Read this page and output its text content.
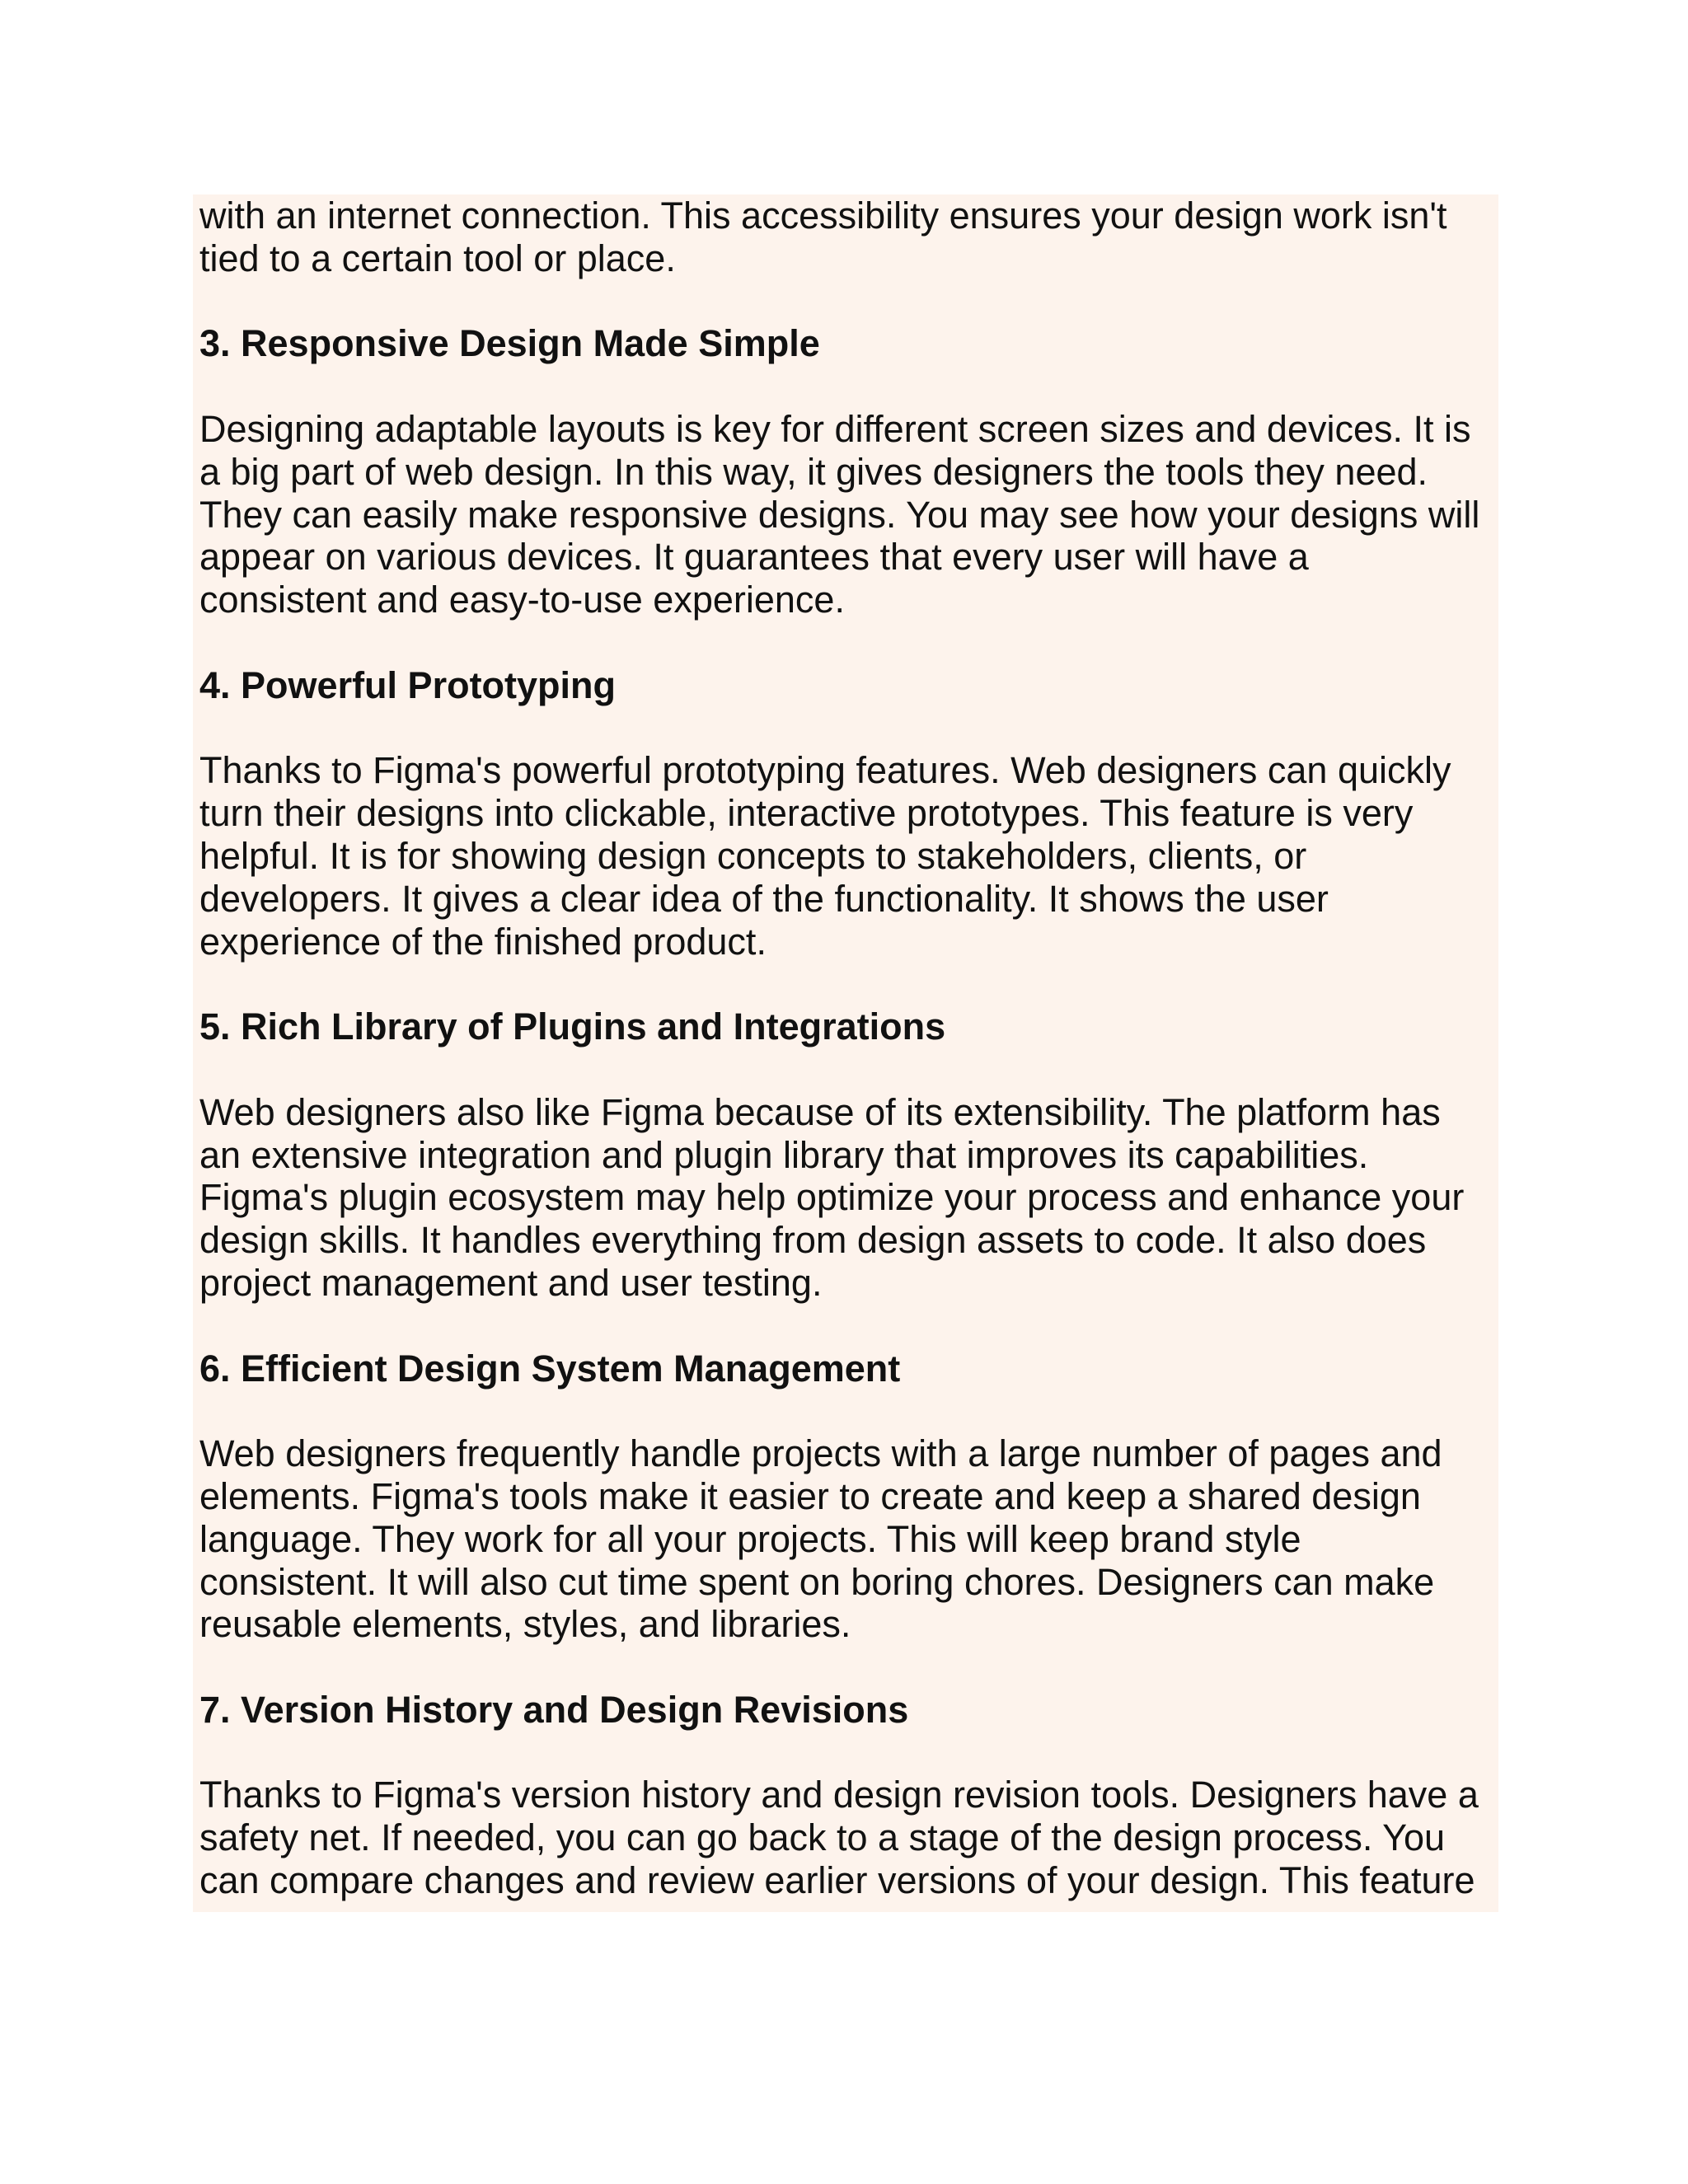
with an internet connection. This accessibility ensures your design work isn't
tied to a certain tool or place.

3. Responsive Design Made Simple

Designing adaptable layouts is key for different screen sizes and devices. It is
a big part of web design. In this way, it gives designers the tools they need.
They can easily make responsive designs. You may see how your designs will
appear on various devices. It guarantees that every user will have a
consistent and easy-to-use experience.

4. Powerful Prototyping

Thanks to Figma's powerful prototyping features. Web designers can quickly
turn their designs into clickable, interactive prototypes. This feature is very
helpful. It is for showing design concepts to stakeholders, clients, or
developers. It gives a clear idea of the functionality. It shows the user
experience of the finished product.

5. Rich Library of Plugins and Integrations

Web designers also like Figma because of its extensibility. The platform has
an extensive integration and plugin library that improves its capabilities.
Figma's plugin ecosystem may help optimize your process and enhance your
design skills. It handles everything from design assets to code. It also does
project management and user testing.

6. Efficient Design System Management

Web designers frequently handle projects with a large number of pages and
elements. Figma's tools make it easier to create and keep a shared design
language. They work for all your projects. This will keep brand style
consistent. It will also cut time spent on boring chores. Designers can make
reusable elements, styles, and libraries.

7. Version History and Design Revisions

Thanks to Figma's version history and design revision tools. Designers have a
safety net. If needed, you can go back to a stage of the design process. You
can compare changes and review earlier versions of your design. This feature
